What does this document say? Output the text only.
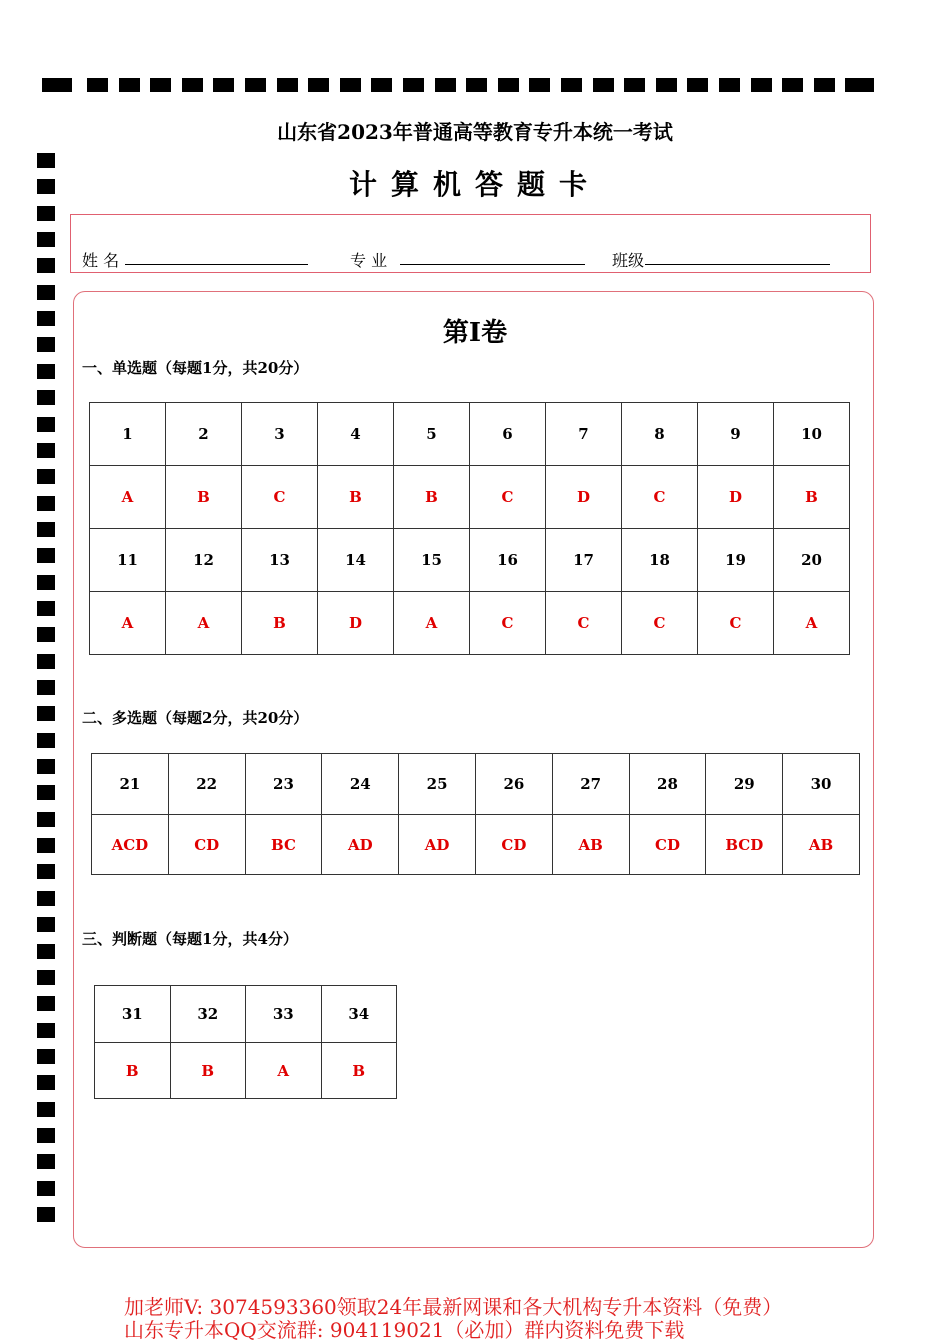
山东省2023年普通高等教育专升本统一考试
计算机答题卡
姓 名	专 业	班级
第Ⅰ卷
一、单选题（每题1分，共20分）
1	2	3	4	5	6	7	8	9	10
A	B	C	B	B	C	D	C	D	B
11	12	13	14	15	16	17	18	19	20
A	A	B	D	A	C	C	C	C	A
二、多选题（每题2分，共20分）
21	22	23	24	25	26	27	28	29	30
ACD	CD	BC	AD	AD	CD	AB	CD	BCD	AB
三、判断题（每题1分，共4分）
31	32	33	34
B	B	A	B
加老师V: 3074593360领取24年最新网课和各大机构专升本资料（免费）
山东专升本QQ交流群: 904119021（必加）群内资料免费下载
